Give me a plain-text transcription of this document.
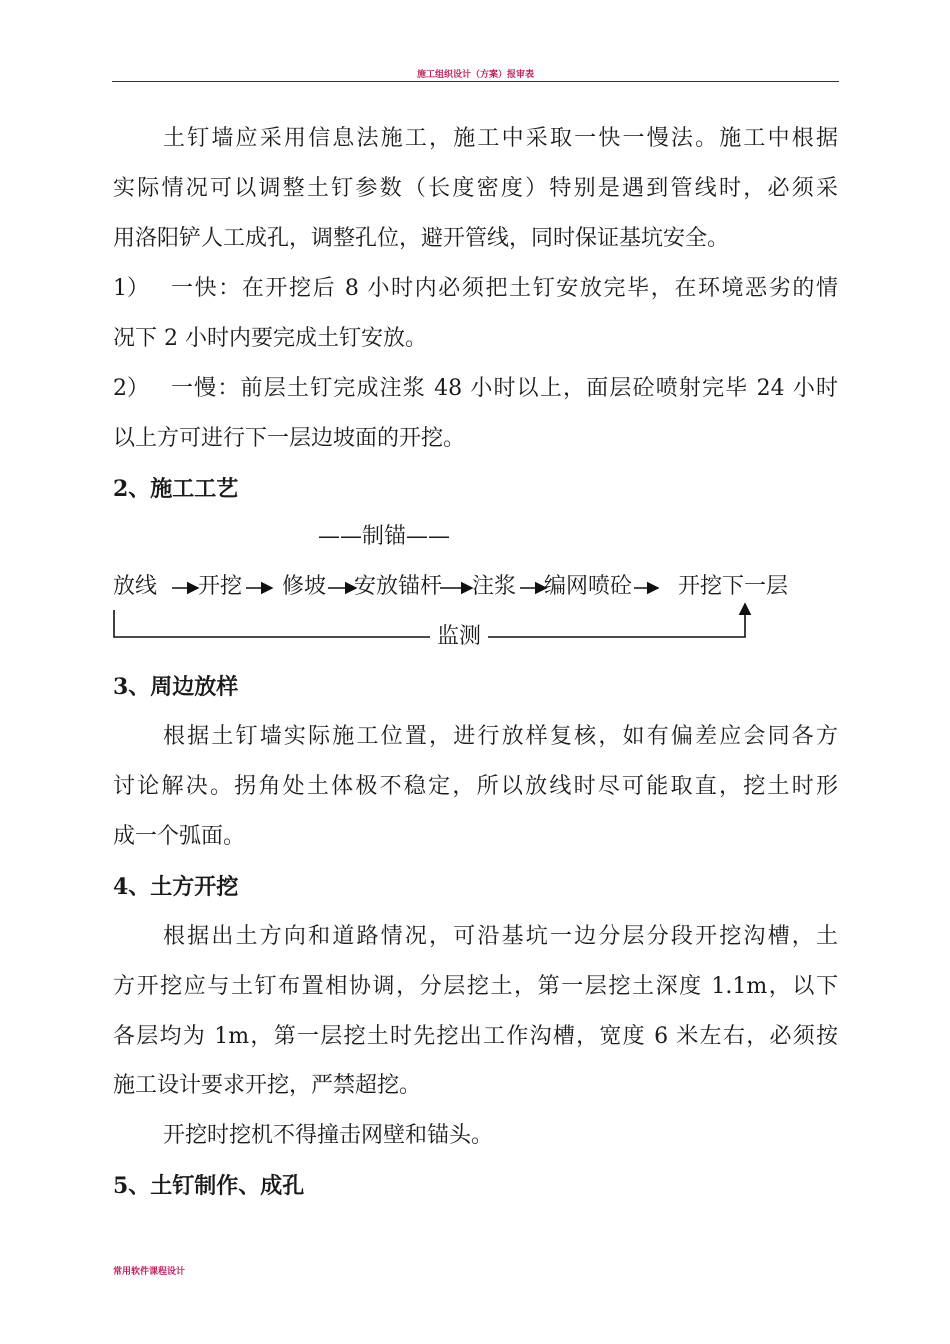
施工组织设计（方案）报审表
土钉墙应采用信息法施工，施工中采取一快一慢法。施工中根据
实际情况可以调整土钉参数（长度密度）特别是遇到管线时，必须采
用洛阳铲人工成孔，调整孔位，避开管线，同时保证基坑安全。
1）	一快：在开挖后 8 小时内必须把土钉安放完毕，在环境恶劣的情
况下 2 小时内要完成土钉安放。
2）	一慢：前层土钉完成注浆 48 小时以上，面层砼喷射完毕 24 小时
以上方可进行下一层边坡面的开挖。
2、施工工艺
——制锚——
放线 开挖 修坡 安放锚杆 注浆 编网喷砼 开挖下一层
监测
3、周边放样
根据土钉墙实际施工位置，进行放样复核，如有偏差应会同各方
讨论解决。拐角处土体极不稳定，所以放线时尽可能取直，挖土时形
成一个弧面。
4、土方开挖
根据出土方向和道路情况，可沿基坑一边分层分段开挖沟槽，土
方开挖应与土钉布置相协调，分层挖土，第一层挖土深度 1.1m，以下
各层均为 1m，第一层挖土时先挖出工作沟槽，宽度 6 米左右，必须按
施工设计要求开挖，严禁超挖。
开挖时挖机不得撞击网壁和锚头。
5、土钉制作、成孔
常用软件课程设计
